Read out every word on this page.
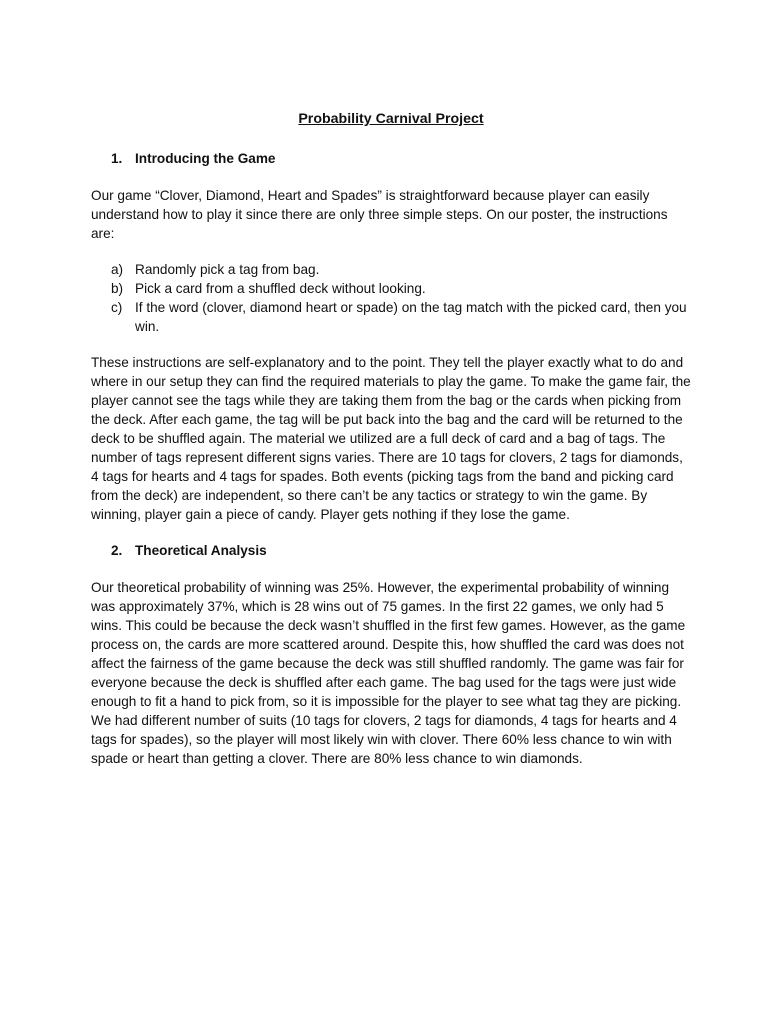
Probability Carnival Project
1. Introducing the Game

Our game “Clover, Diamond, Heart and Spades” is straightforward because player can easily understand how to play it since there are only three simple steps. On our poster, the instructions are:

a) Randomly pick a tag from bag.
b) Pick a card from a shuffled deck without looking.
c) If the word (clover, diamond heart or spade) on the tag match with the picked card, then you win.

These instructions are self-explanatory and to the point. They tell the player exactly what to do and where in our setup they can find the required materials to play the game. To make the game fair, the player cannot see the tags while they are taking them from the bag or the cards when picking from the deck. After each game, the tag will be put back into the bag and the card will be returned to the deck to be shuffled again. The material we utilized are a full deck of card and a bag of tags. The number of tags represent different signs varies. There are 10 tags for clovers, 2 tags for diamonds, 4 tags for hearts and 4 tags for spades. Both events (picking tags from the band and picking card from the deck) are independent, so there can’t be any tactics or strategy to win the game. By winning, player gain a piece of candy. Player gets nothing if they lose the game.

2. Theoretical Analysis

Our theoretical probability of winning was 25%. However, the experimental probability of winning was approximately 37%, which is 28 wins out of 75 games. In the first 22 games, we only had 5 wins. This could be because the deck wasn’t shuffled in the first few games. However, as the game process on, the cards are more scattered around. Despite this, how shuffled the card was does not affect the fairness of the game because the deck was still shuffled randomly. The game was fair for everyone because the deck is shuffled after each game. The bag used for the tags were just wide enough to fit a hand to pick from, so it is impossible for the player to see what tag they are picking. We had different number of suits (10 tags for clovers, 2 tags for diamonds, 4 tags for hearts and 4 tags for spades), so the player will most likely win with clover. There 60% less chance to win with spade or heart than getting a clover. There are 80% less chance to win diamonds.
